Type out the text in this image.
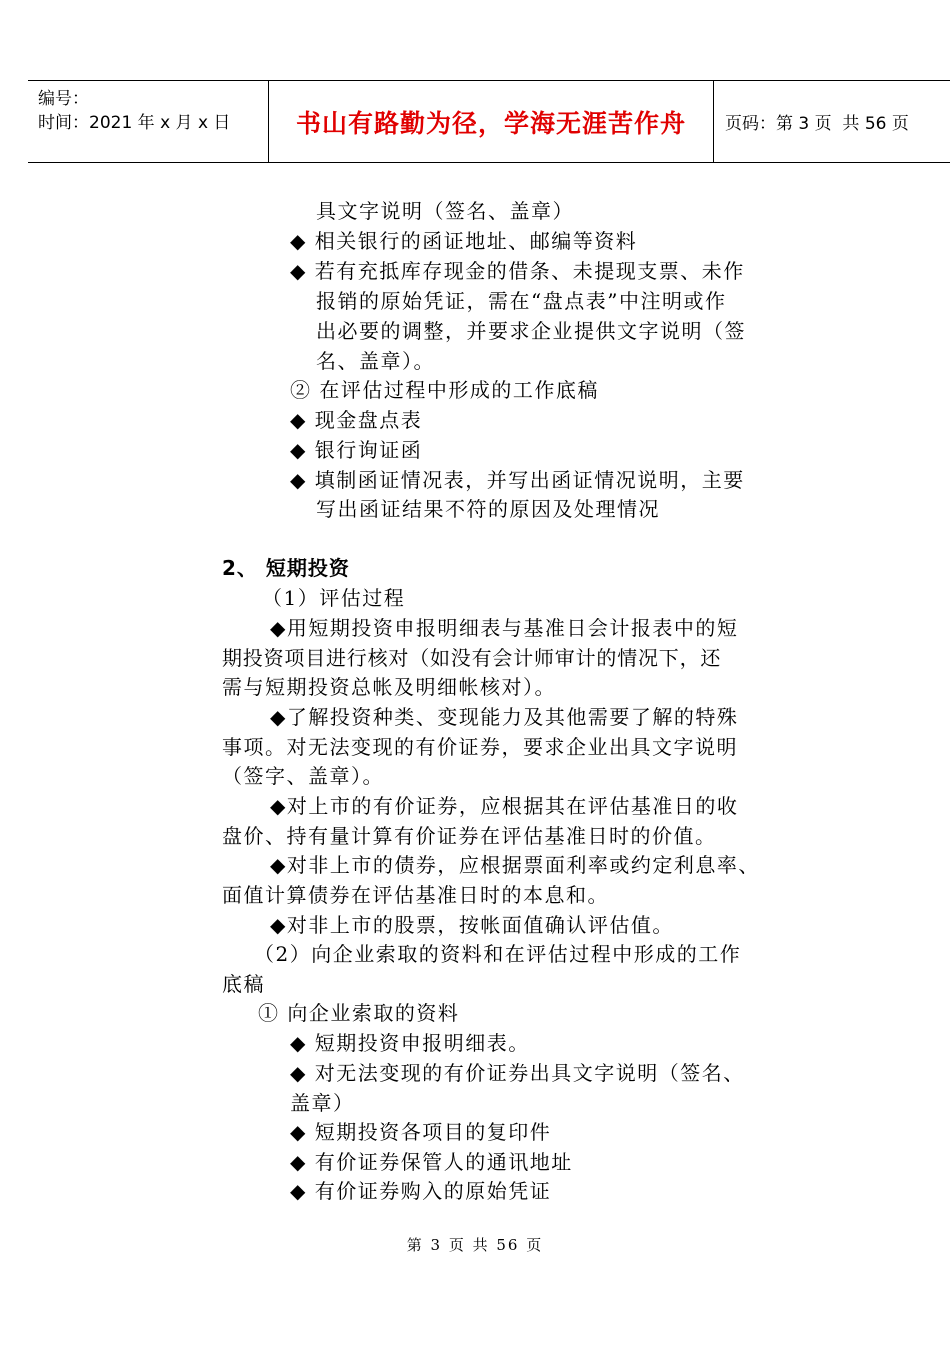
编号：
时间：2021 年 x 月 x 日	书山有路勤为径，学海无涯苦作舟	页码：第 3 页  共 56 页
具文字说明（签名、盖章）
◆ 相关银行的函证地址、邮编等资料
◆ 若有充抵库存现金的借条、未提现支票、未作
报销的原始凭证，需在“盘点表”中注明或作
出必要的调整，并要求企业提供文字说明（签
名、盖章）。
② 在评估过程中形成的工作底稿
◆ 现金盘点表
◆ 银行询证函
◆ 填制函证情况表，并写出函证情况说明，主要
写出函证结果不符的原因及处理情况
2、 短期投资
（1）评估过程
◆用短期投资申报明细表与基准日会计报表中的短
期投资项目进行核对（如没有会计师审计的情况下，还
需与短期投资总帐及明细帐核对）。
◆了解投资种类、变现能力及其他需要了解的特殊
事项。对无法变现的有价证券，要求企业出具文字说明
（签字、盖章）。
◆对上市的有价证券，应根据其在评估基准日的收
盘价、持有量计算有价证券在评估基准日时的价值。
◆对非上市的债券，应根据票面利率或约定利息率、
面值计算债券在评估基准日时的本息和。
◆对非上市的股票，按帐面值确认评估值。
（2）向企业索取的资料和在评估过程中形成的工作
底稿
① 向企业索取的资料
◆ 短期投资申报明细表。
◆ 对无法变现的有价证券出具文字说明（签名、
盖章）
◆ 短期投资各项目的复印件
◆ 有价证券保管人的通讯地址
◆ 有价证券购入的原始凭证
第 3 页 共 56 页
